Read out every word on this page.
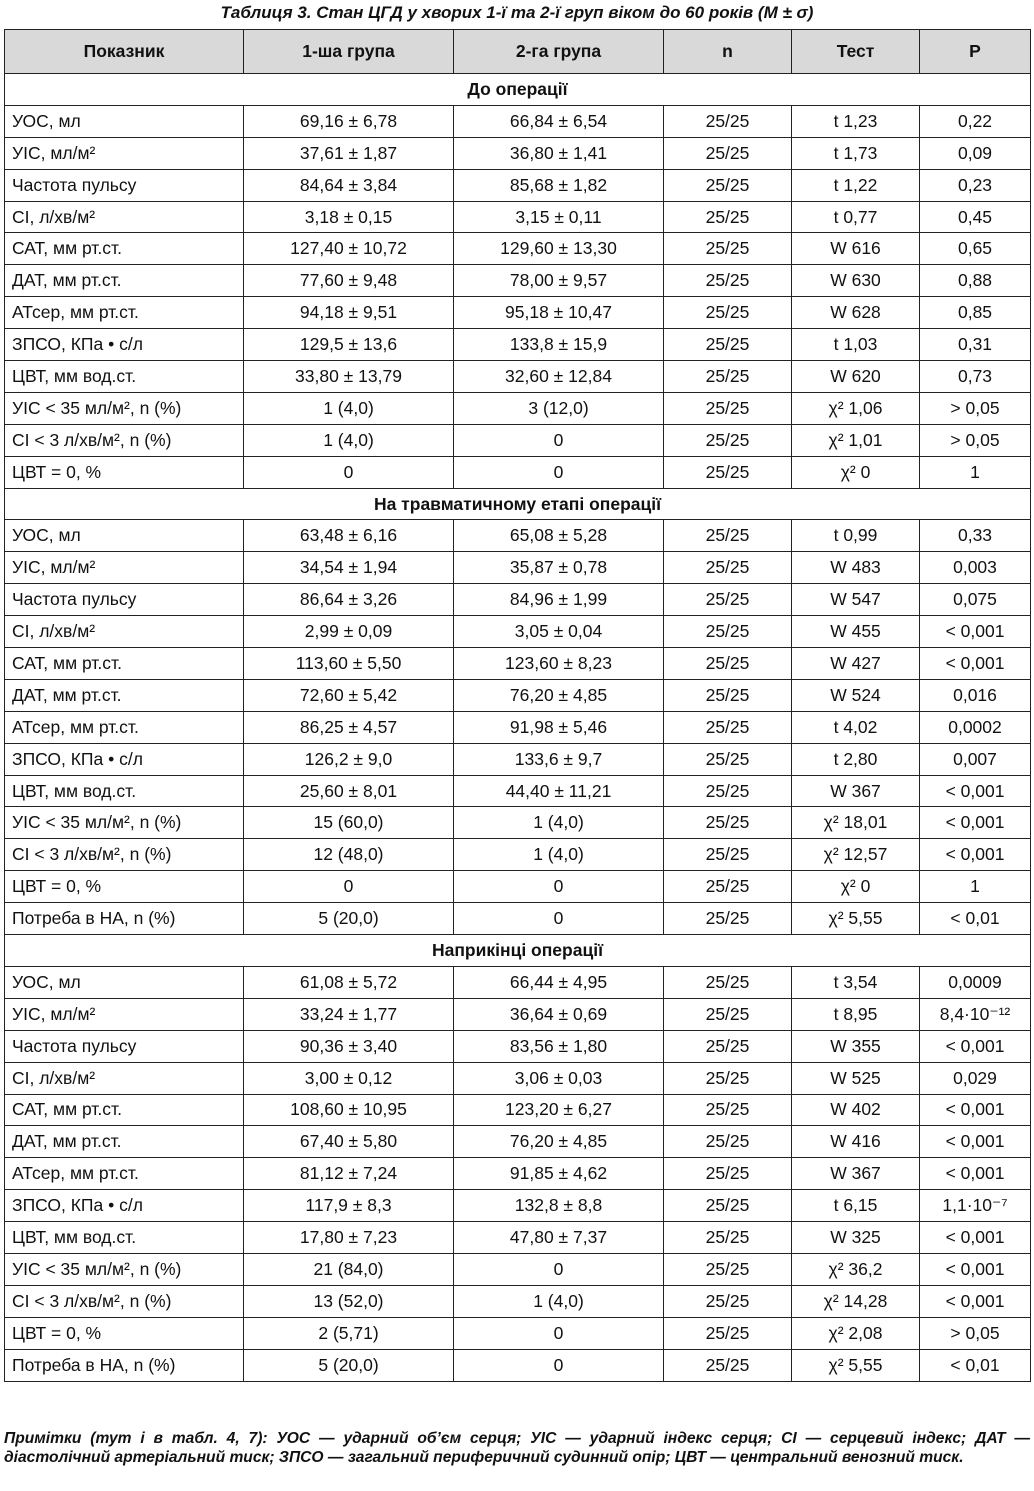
Таблиця 3. Стан ЦГД у хворих 1-ї та 2-ї груп віком до 60 років (М ± σ)
Показник	1-ша група	2-га група	n	Тест	P
До операції					
УОС, мл	69,16 ± 6,78	66,84 ± 6,54	25/25	t 1,23	0,22
УІС, мл/м²	37,61 ± 1,87	36,80 ± 1,41	25/25	t 1,73	0,09
Частота пульсу	84,64 ± 3,84	85,68 ± 1,82	25/25	t 1,22	0,23
СІ, л/хв/м²	3,18 ± 0,15	3,15 ± 0,11	25/25	t 0,77	0,45
САТ, мм рт.ст.	127,40 ± 10,72	129,60 ± 13,30	25/25	W 616	0,65
ДАТ, мм рт.ст.	77,60 ± 9,48	78,00 ± 9,57	25/25	W 630	0,88
АТсер, мм рт.ст.	94,18 ± 9,51	95,18 ± 10,47	25/25	W 628	0,85
ЗПСО, КПа • с/л	129,5 ± 13,6	133,8 ± 15,9	25/25	t 1,03	0,31
ЦВТ, мм вод.ст.	33,80 ± 13,79	32,60 ± 12,84	25/25	W 620	0,73
УІС < 35 мл/м², n (%)	1 (4,0)	3 (12,0)	25/25	χ² 1,06	> 0,05
СІ < 3 л/хв/м², n (%)	1 (4,0)	0	25/25	χ² 1,01	> 0,05
ЦВТ = 0, %	0	0	25/25	χ² 0	1
На травматичному етапі операції					
УОС, мл	63,48 ± 6,16	65,08 ± 5,28	25/25	t 0,99	0,33
УІС, мл/м²	34,54 ± 1,94	35,87 ± 0,78	25/25	W 483	0,003
Частота пульсу	86,64 ± 3,26	84,96 ± 1,99	25/25	W 547	0,075
СІ, л/хв/м²	2,99 ± 0,09	3,05 ± 0,04	25/25	W 455	< 0,001
САТ, мм рт.ст.	113,60 ± 5,50	123,60 ± 8,23	25/25	W 427	< 0,001
ДАТ, мм рт.ст.	72,60 ± 5,42	76,20 ± 4,85	25/25	W 524	0,016
АТсер, мм рт.ст.	86,25 ± 4,57	91,98 ± 5,46	25/25	t 4,02	0,0002
ЗПСО, КПа • с/л	126,2 ± 9,0	133,6 ± 9,7	25/25	t 2,80	0,007
ЦВТ, мм вод.ст.	25,60 ± 8,01	44,40 ± 11,21	25/25	W 367	< 0,001
УІС < 35 мл/м², n (%)	15 (60,0)	1 (4,0)	25/25	χ² 18,01	< 0,001
СІ < 3 л/хв/м², n (%)	12 (48,0)	1 (4,0)	25/25	χ² 12,57	< 0,001
ЦВТ = 0, %	0	0	25/25	χ² 0	1
Потреба в НА, n (%)	5 (20,0)	0	25/25	χ² 5,55	< 0,01
Наприкінці операції					
УОС, мл	61,08 ± 5,72	66,44 ± 4,95	25/25	t 3,54	0,0009
УІС, мл/м²	33,24 ± 1,77	36,64 ± 0,69	25/25	t 8,95	8,4·10⁻¹²
Частота пульсу	90,36 ± 3,40	83,56 ± 1,80	25/25	W 355	< 0,001
СІ, л/хв/м²	3,00 ± 0,12	3,06 ± 0,03	25/25	W 525	0,029
САТ, мм рт.ст.	108,60 ± 10,95	123,20 ± 6,27	25/25	W 402	< 0,001
ДАТ, мм рт.ст.	67,40 ± 5,80	76,20 ± 4,85	25/25	W 416	< 0,001
АТсер, мм рт.ст.	81,12 ± 7,24	91,85 ± 4,62	25/25	W 367	< 0,001
ЗПСО, КПа • с/л	117,9 ± 8,3	132,8 ± 8,8	25/25	t 6,15	1,1·10⁻⁷
ЦВТ, мм вод.ст.	17,80 ± 7,23	47,80 ± 7,37	25/25	W 325	< 0,001
УІС < 35 мл/м², n (%)	21 (84,0)	0	25/25	χ² 36,2	< 0,001
СІ < 3 л/хв/м², n (%)	13 (52,0)	1 (4,0)	25/25	χ² 14,28	< 0,001
ЦВТ = 0, %	2 (5,71)	0	25/25	χ² 2,08	> 0,05
Потреба в НА, n (%)	5 (20,0)	0	25/25	χ² 5,55	< 0,01
Примітки (тут і в табл. 4, 7): УОС — ударний об’єм серця; УІС — ударний індекс серця; СІ — серцевий індекс; ДАТ — діастолічний артеріальний тиск; ЗПСО — загальний периферичний судинний опір; ЦВТ — центральний венозний тиск.
